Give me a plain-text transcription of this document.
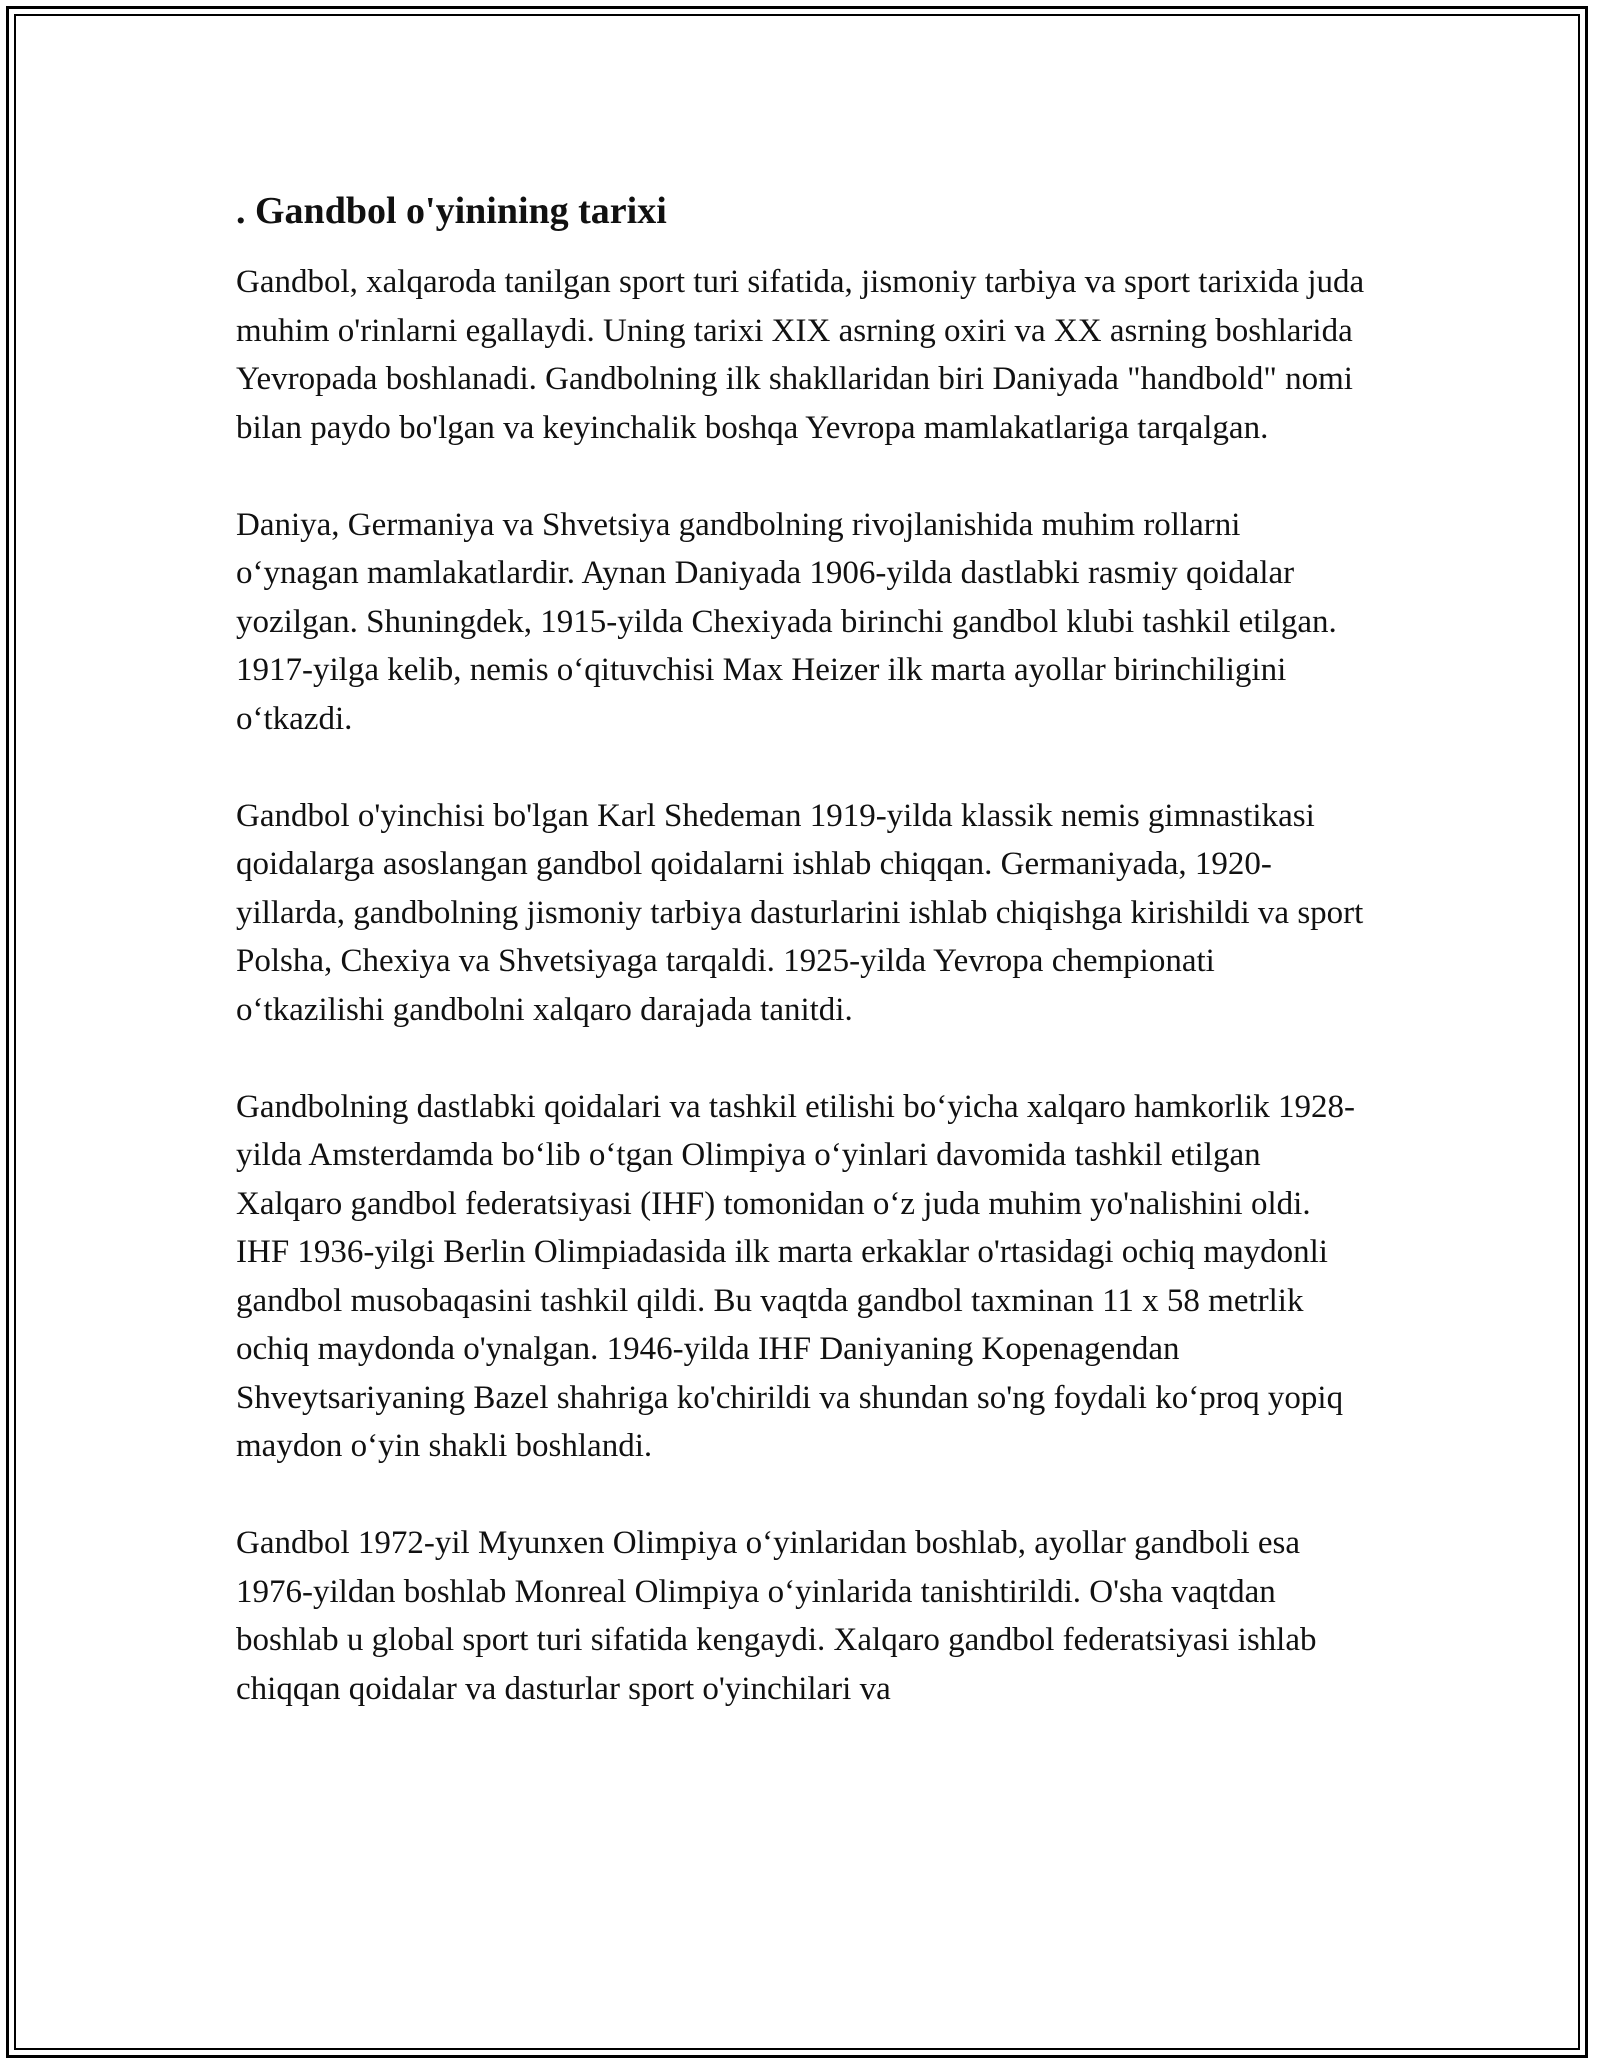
. Gandbol o'yinining tarixi

Gandbol, xalqaroda tanilgan sport turi sifatida, jismoniy tarbiya va sport tarixida juda muhim o'rinlarni egallaydi. Uning tarixi XIX asrning oxiri va XX asrning boshlarida Yevropada boshlanadi. Gandbolning ilk shakllaridan biri Daniyada "handbold" nomi bilan paydo bo'lgan va keyinchalik boshqa Yevropa mamlakatlariga tarqalgan.

Daniya, Germaniya va Shvetsiya gandbolning rivojlanishida muhim rollarni o‘ynagan mamlakatlardir. Aynan Daniyada 1906-yilda dastlabki rasmiy qoidalar yozilgan. Shuningdek, 1915-yilda Chexiyada birinchi gandbol klubi tashkil etilgan. 1917-yilga kelib, nemis o‘qituvchisi Max Heizer ilk marta ayollar birinchiligini o‘tkazdi.

Gandbol o'yinchisi bo'lgan Karl Shedeman 1919-yilda klassik nemis gimnastikasi qoidalarga asoslangan gandbol qoidalarni ishlab chiqqan. Germaniyada, 1920-yillarda, gandbolning jismoniy tarbiya dasturlarini ishlab chiqishga kirishildi va sport Polsha, Chexiya va Shvetsiyaga tarqaldi. 1925-yilda Yevropa chempionati o‘tkazilishi gandbolni xalqaro darajada tanitdi.

Gandbolning dastlabki qoidalari va tashkil etilishi bo‘yicha xalqaro hamkorlik 1928-yilda Amsterdamda bo‘lib o‘tgan Olimpiya o‘yinlari davomida tashkil etilgan Xalqaro gandbol federatsiyasi (IHF) tomonidan o‘z juda muhim yo'nalishini oldi. IHF 1936-yilgi Berlin Olimpiadasida ilk marta erkaklar o'rtasidagi ochiq maydonli gandbol musobaqasini tashkil qildi. Bu vaqtda gandbol taxminan 11 x 58 metrlik ochiq maydonda o'ynalgan. 1946-yilda IHF Daniyaning Kopenagendan Shveytsariyaning Bazel shahriga ko'chirildi va shundan so'ng foydali ko‘proq yopiq maydon o‘yin shakli boshlandi.

Gandbol 1972-yil Myunxen Olimpiya o‘yinlaridan boshlab, ayollar gandboli esa 1976-yildan boshlab Monreal Olimpiya o‘yinlarida tanishtirildi. O'sha vaqtdan boshlab u global sport turi sifatida kengaydi. Xalqaro gandbol federatsiyasi ishlab chiqqan qoidalar va dasturlar sport o'yinchilari va
